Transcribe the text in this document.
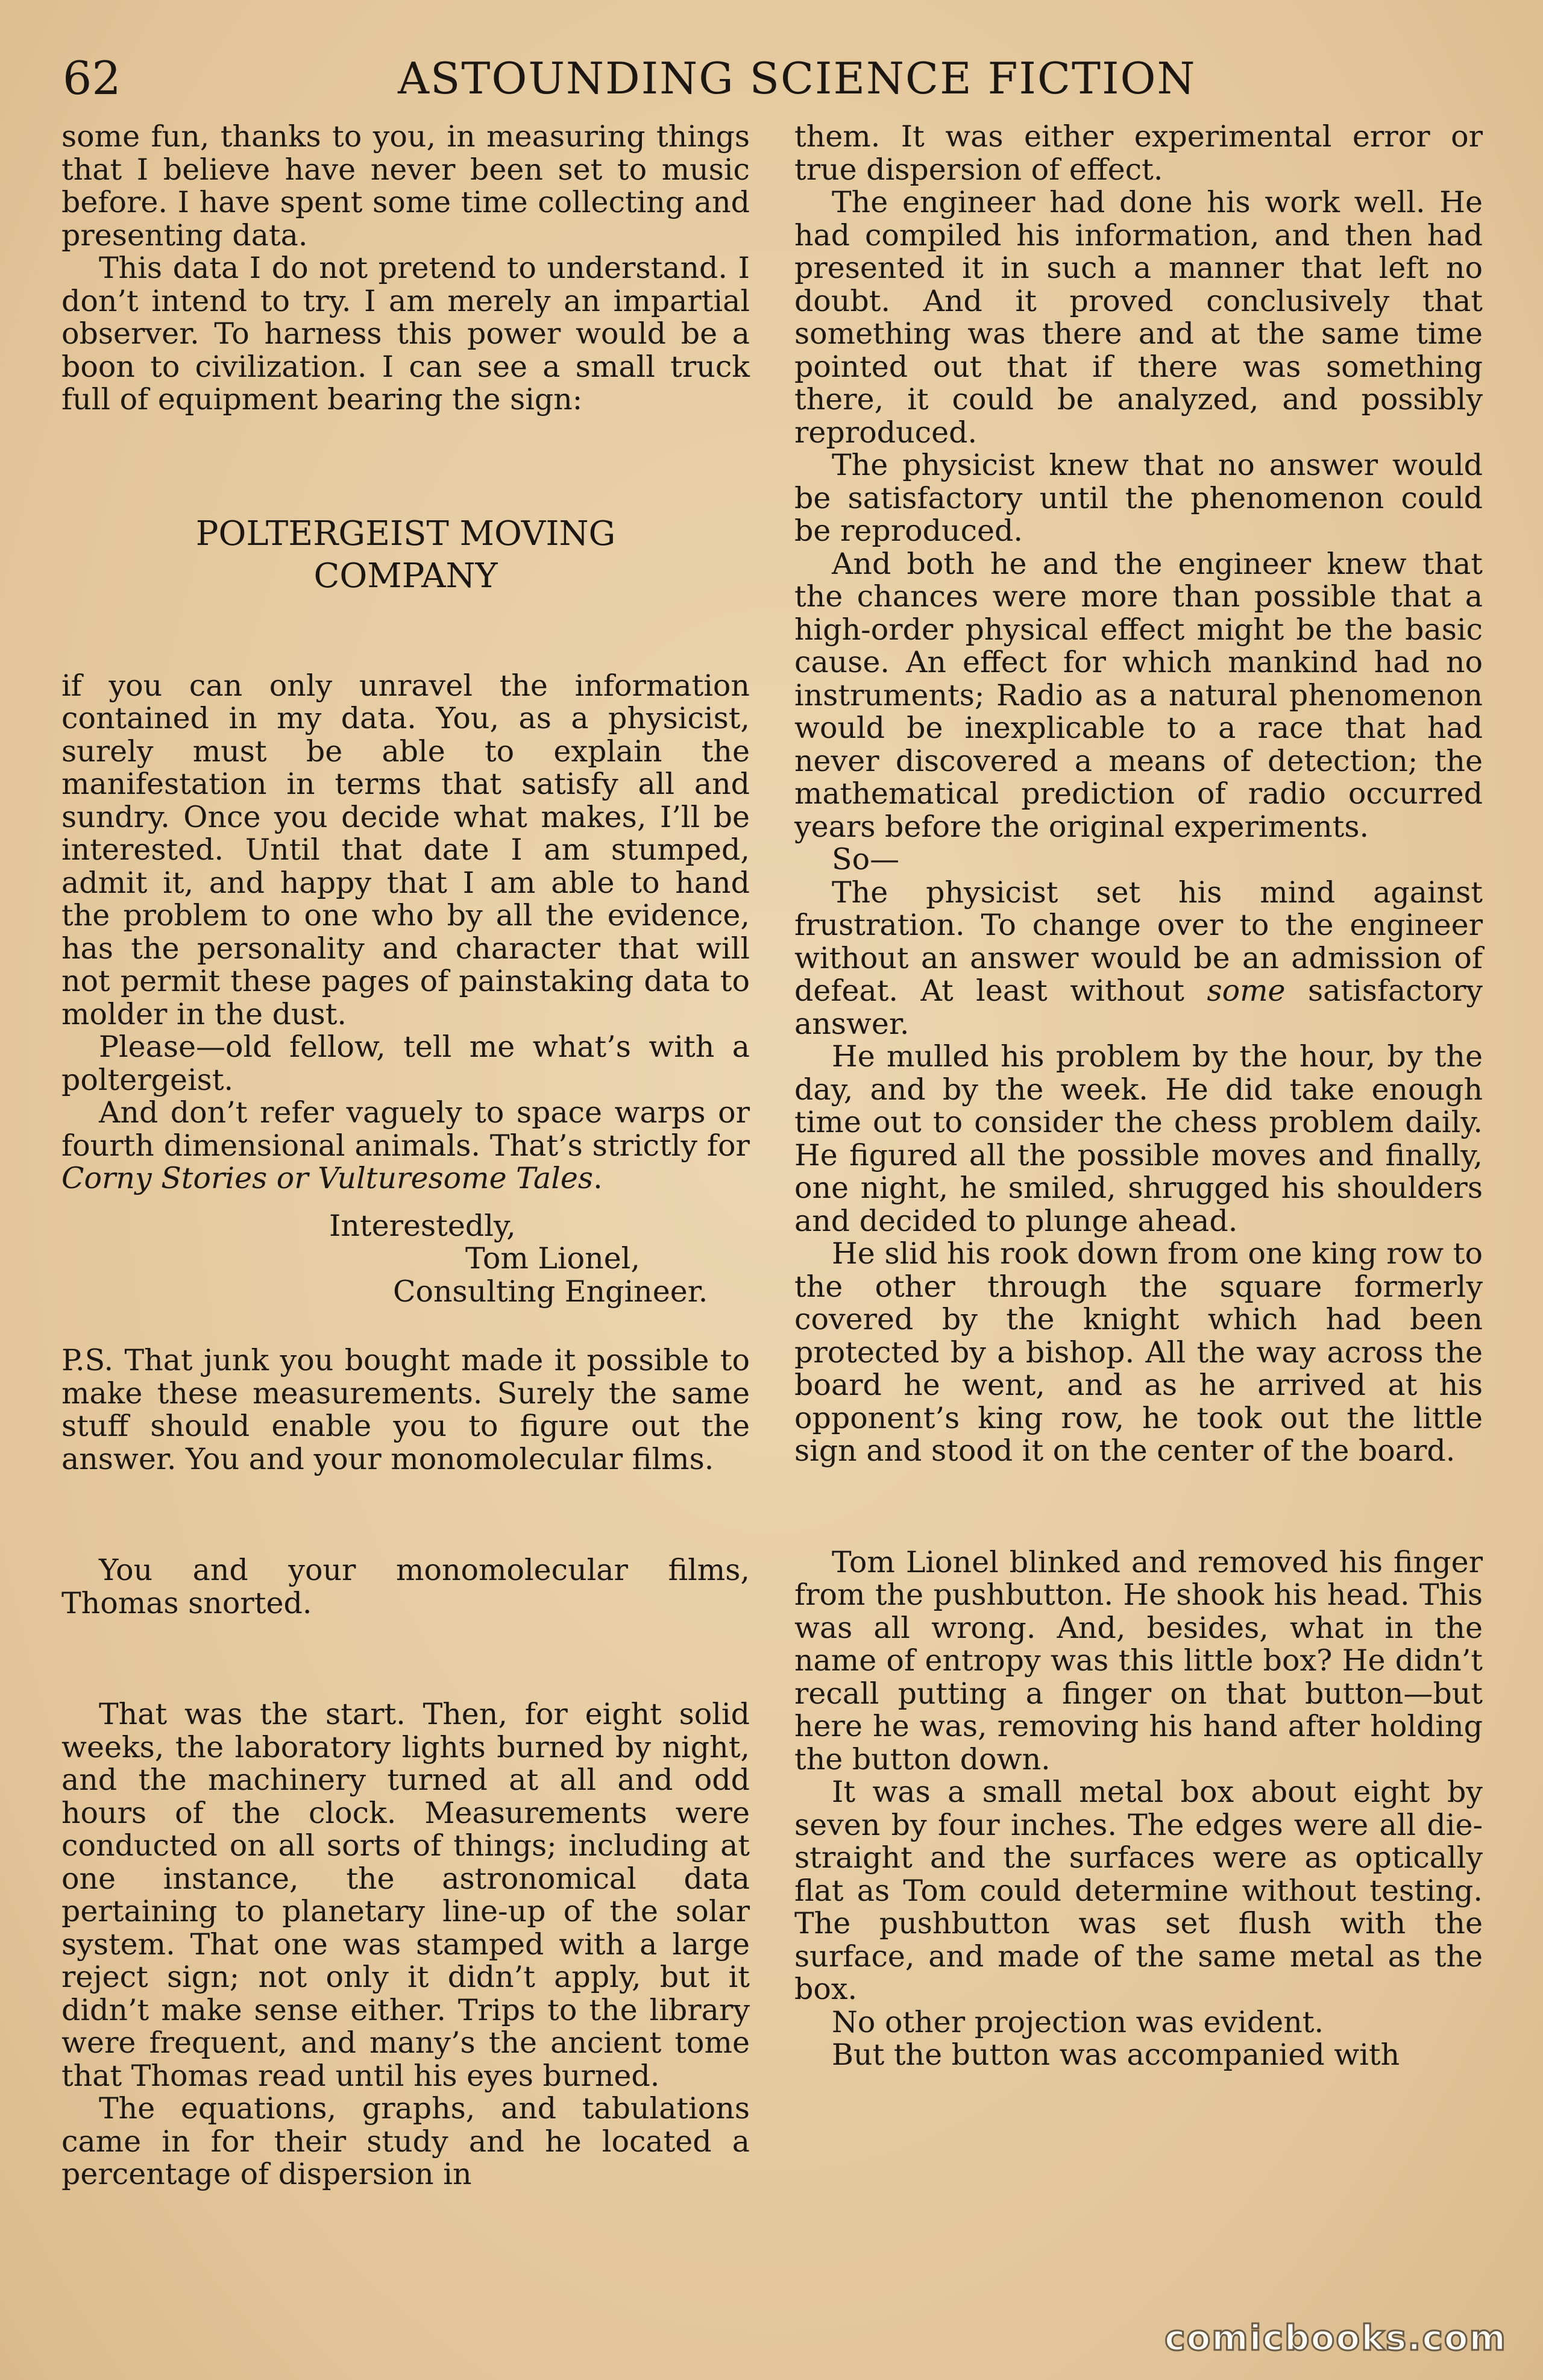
62	ASTOUNDING SCIENCE FICTION

some fun, thanks to you, in measuring things that I believe have never been set to music before. I have spent some time collecting and presenting data.

This data I do not pretend to understand. I don’t intend to try. I am merely an impartial observer. To harness this power would be a boon to civilization. I can see a small truck full of equipment bearing the sign:

POLTERGEIST MOVING
COMPANY

if you can only unravel the information contained in my data. You, as a physicist, surely must be able to explain the manifestation in terms that satisfy all and sundry. Once you decide what makes, I’ll be interested. Until that date I am stumped, admit it, and happy that I am able to hand the problem to one who by all the evidence, has the personality and character that will not permit these pages of painstaking data to molder in the dust.

Please—old fellow, tell me what’s with a poltergeist.

And don’t refer vaguely to space warps or fourth dimensional animals. That’s strictly for Corny Stories or Vulturesome Tales.

Interestedly,

Tom Lionel,

Consulting Engineer.

P.S. That junk you bought made it possible to make these measurements. Surely the same stuff should enable you to figure out the answer. You and your monomolecular films.

You and your monomolecular films, Thomas snorted.

That was the start. Then, for eight solid weeks, the laboratory lights burned by night, and the machinery turned at all and odd hours of the clock. Measurements were conducted on all sorts of things; including at one instance, the astronomical data pertaining to planetary line-up of the solar system. That one was stamped with a large reject sign; not only it didn’t apply, but it didn’t make sense either. Trips to the library were frequent, and many’s the ancient tome that Thomas read until his eyes burned.

The equations, graphs, and tabulations came in for their study and he located a percentage of dispersion in

them. It was either experimental error or true dispersion of effect.

The engineer had done his work well. He had compiled his information, and then had presented it in such a manner that left no doubt. And it proved conclusively that something was there and at the same time pointed out that if there was something there, it could be analyzed, and possibly reproduced.

The physicist knew that no answer would be satisfactory until the phenomenon could be reproduced.

And both he and the engineer knew that the chances were more than possible that a high-order physical effect might be the basic cause. An effect for which mankind had no instruments; Radio as a natural phenomenon would be inexplicable to a race that had never discovered a means of detection; the mathematical prediction of radio occurred years before the original experiments.

So—

The physicist set his mind against frustration. To change over to the engineer without an answer would be an admission of defeat. At least without some satisfactory answer.

He mulled his problem by the hour, by the day, and by the week. He did take enough time out to consider the chess problem daily. He figured all the possible moves and finally, one night, he smiled, shrugged his shoulders and decided to plunge ahead.

He slid his rook down from one king row to the other through the square formerly covered by the knight which had been protected by a bishop. All the way across the board he went, and as he arrived at his opponent’s king row, he took out the little sign and stood it on the center of the board.

Tom Lionel blinked and removed his finger from the pushbutton. He shook his head. This was all wrong. And, besides, what in the name of entropy was this little box? He didn’t recall putting a finger on that button—but here he was, removing his hand after holding the button down.

It was a small metal box about eight by seven by four inches. The edges were all die-straight and the surfaces were as optically flat as Tom could determine without testing. The pushbutton was set flush with the surface, and made of the same metal as the box.

No other projection was evident.

But the button was accompanied with

comicbooks.com
